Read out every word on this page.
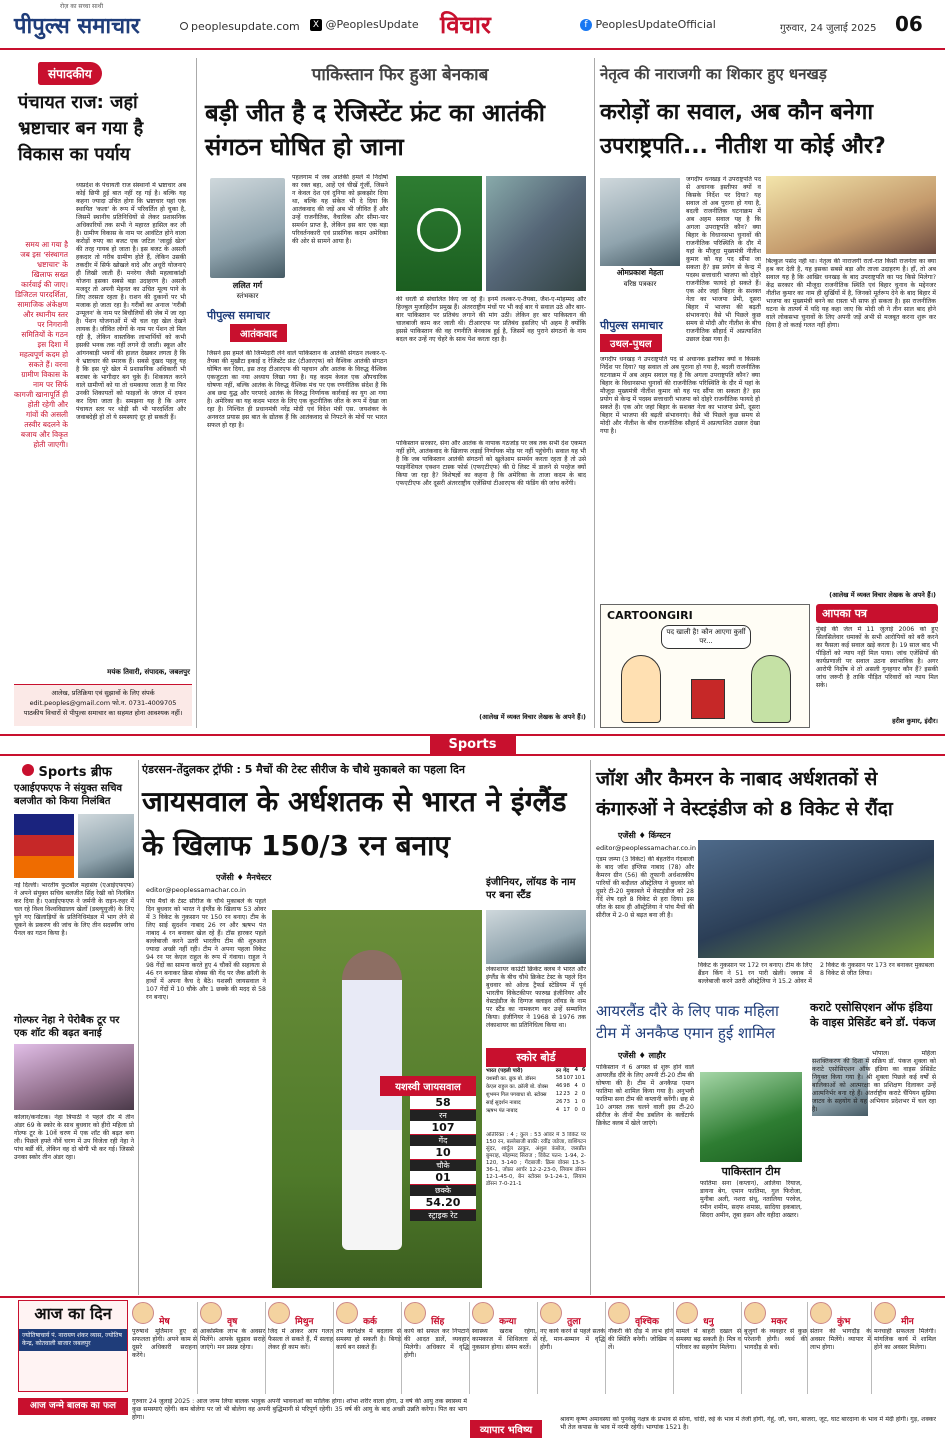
पीपुल्स समाचार
रोज़ का सच्चा साथी
peoplesupdate.com	X @PeoplesUpdate विचार	f PeoplesUpdateOfficial	गुरुवार, 24 जुलाई 2025 06
संपादकीय
पंचायत राज: जहां भ्रष्टाचार बन गया है विकास का पर्याय
समय आ गया है जब इस 'संस्थागत भ्रष्टाचार' के खिलाफ सख्त कार्रवाई की जाए। डिजिटल पारदर्शिता, सामाजिक अंकेक्षण और स्थानीय स्तर पर निगरानी समितियों के गठन इस दिशा में महत्वपूर्ण कदम हो सकते हैं। वरना ग्रामीण विकास के नाम पर सिर्फ कागजी खानापूर्ति ही होती रहेगी और गांवों की असली तस्वीर बदलने के बजाय और विकृत होती जाएगी।
ध्यप्रदेश के पंचायती राज संस्थानों में भ्रष्टाचार अब कोई छिपी हुई बात नहीं रह गई है। बल्कि यह कहना ज्यादा उचित होगा कि भ्रष्टाचार यहां एक स्थायित 'कला' के रूप में परिवर्तित हो चुका है, जिसमें स्थानीय प्रतिनिधियों से लेकर प्रशासनिक अधिकारियों तक सभी ने महारत हासिल कर ली है। ग्रामीण विकास के नाम पर आवंटित होने वाला करोड़ों रुपए का बजट एक जटिल 'जादुई खेल' की तरह गायब हो जाता है। इस बजट के असली हकदार तो गरीब ग्रामीण होते हैं, लेकिन उसकी तकदीर में सिर्फ खोखले वादे और अधूरी योजनाएं ही लिखी जाती हैं। मनरेगा जैसी महत्वाकांक्षी योजना इसका सबसे बड़ा उदाहरण है। असली मजदूर तो अपनी मेहनत का उचित मूल्य पाने के लिए तरसता रहता है। राशन की दुकानों पर भी मजाक हो जाता रहा है। गरीबों का अनाज 'गरीबी उन्मूलन' के नाम पर बिचौलियों की जेब में जा रहा है। पेंशन योजनाओं में भी चल रहा खेल देखने लायक है। जीवित लोगों के नाम पर पेंशन तो मिल रही है, लेकिन वास्तविक लाभार्थियों को कभी इसकी भनक तक नहीं लगने दी जाती। स्कूल और आंगनबाड़ी भवनों की हालत देखकर लगता है कि ये भ्रष्टाचार की स्मारक हैं। सबसे दुखद पहलू यह है कि इस पूरे खेल में प्रशासनिक अधिकारी भी बराबर के भागीदार बन चुके हैं। शिकायत करने वाले ग्रामीणों को या तो धमकाया जाता है या फिर उनकी शिकायतों को फाइलों के जंगल में दफन कर दिया जाता है। समझना यह है कि अगर पंचायत स्तर पर थोड़ी सी भी पारदर्शिता और जवाबदेही हो तो ये समस्याएं दूर हो सकती हैं।
मयंक तिवारी, संपादक, जबलपुर
आलेख, प्रतिक्रिया एवं सुझावों के लिए संपर्क
edit.peoples@gmail.com फो.न. 0731-4009705
पाठकीय विचारों से पीपुल्स समाचार का सहमत होना आवश्यक नहीं।
पाकिस्तान फिर हुआ बेनकाब
बड़ी जीत है द रेजिस्टेंट फ्रंट का आतंकी संगठन घोषित हो जाना
ललित गर्ग
स्तंभकार
पीपुल्स समाचार
आतंकवाद
पहलगाम में जब आतंकी हमले में निर्दोषों का रक्त बहा, आहें एवं चीखें गूंजीं, जिसने न केवल देश एवं दुनिया को झकझोर दिया था, बल्कि यह संकेत भी दे दिया कि आतंकवाद की जड़ें अब भी जीवित हैं और उन्हें राजनीतिक, वैचारिक और सीमा-पार समर्थन प्राप्त है, लेकिन इस बार एक बड़ा परिवर्तनकारी एवं प्रासंगिक कदम अमेरिका की ओर से सामने आया है।
जिसने इस हमले की जिम्मेदारी लेने वाले पाकिस्तान के आतंकी संगठन लश्कर-ए-तैयबा की मुखौटा इकाई द रेजिस्टेंट फ्रंट (टीआरएफ) को वैश्विक आतंकी संगठन घोषित कर दिया, इस तरह टीआरएफ की पहचान और आतंक के विरुद्ध वैश्विक एकजुटता का नया अध्याय लिखा गया है। यह कदम केवल एक औपचारिक घोषणा नहीं, बल्कि आतंक के विरुद्ध वैश्विक मंच पर एक रणनीतिक संदेश है कि अब छद्म युद्ध और परपरदे आतंक के विरुद्ध निर्णायक कार्रवाई का युग आ गया है। अमेरिका का यह कदम भारत के लिए एक कूटनीतिक जीत के रूप में देखा जा रहा है। निश्चित ही प्रधानमंत्री नरेंद्र मोदी एवं विदेश मंत्री एस. जयशंकर के अनवरत प्रयास इस बात के द्योतक हैं कि आतंकवाद से निपटने के मोर्चे पर भारत सफल हो रहा है।
की धरती से संचालित किए जा रहे हैं। इनमें लश्कर-ए-तैयबा, जैश-ए-मोहम्मद और हिज्बुल मुजाहिदीन प्रमुख हैं। अंतरराष्ट्रीय मंचों पर भी कई बार ये सवाल उठे और बार-बार पाकिस्तान पर प्रतिबंध लगाने की मांग उठी। लेकिन हर बार पाकिस्तान की चालबाजी काम कर जाती थी। टीआरएफ पर प्रतिबंध इसलिए भी अहम है क्योंकि इससे पाकिस्तान की वह रणनीति बेनकाब हुई है, जिसमें वह पुराने संगठनों के नाम बदल कर उन्हें नए चेहरे के साथ पेश करता रहा है।
पाकिस्तान सरकार, सेना और आतंक के नापाक गठजोड़ पर जब तक सभी देश एकमत नहीं होंगे, आतंकवाद के खिलाफ लड़ाई निर्णायक मोड़ पर नहीं पहुंचेगी। सवाल यह भी है कि जब पाकिस्तान आतंकी संगठनों को खुलेआम समर्थन करता रहता है तो उसे फाइनेंशियल एक्शन टास्क फोर्स (एफएटीएफ) की ग्रे लिस्ट में डालने से परहेज क्यों किया जा रहा है? विशेषज्ञों का कहना है कि अमेरिका के ताजा कदम के बाद एफएटीएफ और दूसरी अंतरराष्ट्रीय एजेंसियां टीआरएफ की फंडिंग की जांच करेंगी।
(आलेख में व्यक्त विचार लेखक के अपने हैं।)
नेतृत्व की नाराजगी का शिकार हुए धनखड़
करोड़ों का सवाल, अब कौन बनेगा उपराष्ट्रपति... नीतीश या कोई और?
ओमप्रकाश मेहता
वरिष्ठ पत्रकार
पीपुल्स समाचार
उथल-पुथल
जगदीप धनखड़ ने उपराष्ट्रपति पद से अचानक इस्तीफा क्यों व किसके निर्देश पर दिया? यह सवाल तो अब पुराना हो गया है, बदली राजनीतिक घटनाक्रम में अब अहम सवाल यह है कि अगला उपराष्ट्रपति कौन? क्या बिहार के विधानसभा चुनावों की राजनीतिक परिस्थिति के दौर में यहां के मौजूदा मुख्यमंत्री नीतीश कुमार को यह पद सौंपा जा सकता है? इस प्रयोग से केन्द्र में पदस्थ सत्ताधारी भाजपा को दोहरे राजनीतिक फायदे हो सकते हैं। एक ओर जहां बिहार के सशक्त नेता का भाजपा प्रेमी, दूसरा बिहार में भाजपा की बढ़ती संभावनाएं। वैसे भी पिछले कुछ समय से मोदी और नीतीश के बीच राजनीतिक सौहार्द में अप्रत्याशित उछाल देखा गया है।
बिल्कुल पसंद नहीं था। नेतृत्व की नाराजगी रातों-रात किसी राजनेता का क्या हश्र कर देती है, यह इसका सबसे बड़ा और ताजा उदाहरण है। हाँ, तो अब सवाल यह है कि आखिर धनखड़ के बाद उपराष्ट्रपति का पद किसे मिलेगा? केंद्र सरकार की मौजूदा राजनीतिक स्थिति एवं बिहार चुनाव के मद्देनजर नीतीश कुमार का नाम ही सुर्खियों में है, जिनको मूर्तरूप देने के बाद बिहार में भाजपा का मुख्यमंत्री बनने का रास्ता भी साफ हो सकता है। इस राजनीतिक घटना के तात्पर्य में यदि यह कहा जाए कि मोदी जी ने तीन साल बाद होने वाले लोकसभा चुनावों के लिए अपनी जड़ें अभी से मजबूत करना शुरू कर दिया है तो कतई गलत नहीं होगा।
जगदीप धनखड़ ने उपराष्ट्रपति पद से अचानक इस्तीफा क्यों व किसके निर्देश पर दिया? यह सवाल तो अब पुराना हो गया है, बदली राजनीतिक घटनाक्रम में अब अहम सवाल यह है कि अगला उपराष्ट्रपति कौन? क्या बिहार के विधानसभा चुनावों की राजनीतिक परिस्थिति के दौर में यहां के मौजूदा मुख्यमंत्री नीतीश कुमार को यह पद सौंपा जा सकता है? इस प्रयोग से केन्द्र में पदस्थ सत्ताधारी भाजपा को दोहरे राजनीतिक फायदे हो सकते हैं। एक ओर जहां बिहार के सशक्त नेता का भाजपा प्रेमी, दूसरा बिहार में भाजपा की बढ़ती संभावनाएं। वैसे भी पिछले कुछ समय से मोदी और नीतीश के बीच राजनीतिक सौहार्द में अप्रत्याशित उछाल देखा गया है।
(आलेख में व्यक्त विचार लेखक के अपने हैं।)
CARTOONGIRI
पद खाली है! कौन आएगा कुर्सी पर...
आपका पत्र
मुंबई की जेल में 11 जुलाई 2006 को हुए सिलसिलेवार धमाकों के सभी आरोपियों को बरी करने का फैसला कई सवाल खड़े करता है। 19 साल बाद भी पीड़ितों को न्याय नहीं मिल पाया। जांच एजेंसियों की कार्यप्रणाली पर सवाल उठना स्वाभाविक है। अगर आरोपी निर्दोष थे तो असली गुनहगार कौन हैं? इसकी जांच जरूरी है ताकि पीड़ित परिवारों को न्याय मिल सके।
हरीश कुमार, इंदौर।
Sports
Sports ब्रीफ
एआईएफएफ ने संयुक्त सचिव बलजीत को किया निलंबित
नई दिल्ली। भारतीय फुटबॉल महासंघ (एआईएफएफ) ने अपने संयुक्त सचिव बलजीत सिंह रेखी को निलंबित कर दिया है। एआईएफएफ ने जर्मनी के राइन-रुहर में चल रहे विश्व विश्वविद्यालय खेलों (डब्ल्यूयूजी) के लिए चुने गए खिलाड़ियों के प्रतिनिधिमंडल में भाग लेने से चूकने के प्रकरण की जांच के लिए तीन सदस्यीय जांच पैनल का गठन किया है।
गोल्फर नेहा ने पेरोबैक टूर पर एक शॉट की बढ़त बनाई
कोलार/कर्नाटक। नेहा त्रिपाठी ने पहले दौर में तीन अंडर 69 के स्कोर के साथ बुधवार को हीरो महिला प्रो गोल्फ टूर के 10वें चरण में एक शॉट की बढ़त बना ली। पिछले हफ्ते नौवें चरण में उप विजेता रही नेहा ने पांच बर्डी कीं, लेकिन वह दो बोगी भी कर गई। जिससे उनका स्कोर तीन अंडर रहा।
एंडरसन-तेंदुलकर ट्रॉफी : 5 मैचों की टेस्ट सीरीज के चौथे मुकाबले का पहला दिन
जायसवाल के अर्धशतक से भारत ने इंग्लैंड के खिलाफ 150/3 रन बनाए
एजेंसी ♦ मैनचेस्टर
editor@peoplessamachar.co.in
पांच मैचों के टेस्ट सीरीज के चौथे मुकाबले के पहले दिन बुधवार को भारत ने इंग्लैंड के खिलाफ 53 ओवर में 3 विकेट के नुकसान पर 150 रन बनाए। टीम के लिए साई सुदर्शन नाबाद 26 रन और ऋषभ पंत नाबाद 4 रन बनाकर खेल रहे हैं। टॉस हारकर पहले बल्लेबाजी करने उतरी भारतीय टीम की शुरुआत ज्यादा अच्छी नहीं रही। टीम ने अपना पहला विकेट 94 रन पर केएल राहुल के रूप में गंवाया। राहुल ने 98 गेंदों का सामना करते हुए 4 चौकों की सहायता से 46 रन बनाकर क्रिस वोक्स की गेंद पर जैक क्रॉली के हाथों में अपना कैच दे बैठे। यशस्वी जायसवाल ने 107 गेंदों में 10 चौके और 1 छक्के की मदद से 58 रन बनाए।
यशस्वी जायसवाल
58
रन
107
गेंद
10
चौके
01
छक्के
54.20
स्ट्राइक रेट
इंजीनियर, लॉयड के नाम पर बना स्टैंड
लंकाशायर काउंटी क्रिकेट क्लब ने भारत और इंग्लैंड के बीच चौथे क्रिकेट टेस्ट के पहले दिन बुधवार को ओल्ड ट्रैफर्ड स्टेडियम में पूर्व भारतीय विकेटकीपर फारुख इंजीनियर और वेस्टइंडीज के दिग्गज क्लाइव लॉयड के नाम पर स्टैंड का नामकरण कर उन्हें सम्मानित किया। इंजीनियर ने 1968 से 1976 तक लंकाशायर का प्रतिनिधित्व किया था।
स्कोर बोर्ड
भारत (पहली पारी)	रन	गेंद	4	6
यशस्वी का. ब्रुक बो. डॉसन	58	107	10	1
केएल राहुल का. क्रॉली बो. वोक्स	46	98	4	0
शुभमन गिल पगबाधा बो. स्टोक्स	12	23	2	0
साई सुदर्शन नाबाद	26	73	1	0
ऋषभ पंत नाबाद	4	17	0	0
अतिरिक्त : 4 ; कुल : 53 ओवर में 3 विकेट पर 150 रन, बल्लेबाजी बाकी: रवींद्र जडेजा, वाशिंगटन सुंदर, शार्दुल ठाकुर, अंशुल कंबोज, जसप्रीत बुमराह, मोहम्मद सिराज ; विकेट पतन: 1-94, 2-120, 3-140 ; गेंदबाजी: क्रिस वोक्स 13-3-36-1, जोफ्रा आर्चर 12-2-23-0, लियाम डॉसन 12-1-45-0, बेन स्टोक्स 9-1-24-1, लियाम डॉसन 7-0-21-1
जॉश और कैमरन के नाबाद अर्धशतकों से कंगारुओं ने वेस्टइंडीज को 8 विकेट से रौंदा
एजेंसी ♦ किंग्स्टन
editor@peoplessamachar.co.in
एडम जम्पा (3 विकेट) की बेहतरीन गेंदबाजी के बाद जॉश इंग्लिस नाबाद (78) और कैमरन ग्रीन (56) की तूफानी अर्धशतकीय पारियों की बदौलत ऑस्ट्रेलिया ने बुधवार को दूसरे टी-20 मुकाबले में वेस्टइंडीज को 28 गेंदें शेष रहते 8 विकेट से हरा दिया। इस जीत के साथ ही ऑस्ट्रेलिया ने पांच मैचों की सीरीज में 2-0 से बढ़त बना ली है।
विकेट के नुकसान पर 172 रन बनाए। टीम के लिए ब्रैंडन किंग ने 51 रन पारी खेली। जवाब में बल्लेबाजी करने उतरी ऑस्ट्रेलिया ने 15.2 ओवर में 2 विकेट के नुकसान पर 173 रन बनाकर मुकाबला 8 विकेट से जीत लिया।
आयरलैंड दौरे के लिए पाक महिला टीम में अनकैप्ड एमान हुई शामिल
एजेंसी ♦ लाहौर
पाकिस्तान ने 6 अगस्त से शुरू होने वाले आयरलैंड दौरे के लिए अपनी टी-20 टीम की घोषणा की है। टीम में अनकैप्ड एमान फातिमा को शामिल किया गया है। अनुभवी फातिमा सना टीम की कप्तानी करेंगी। छह से 10 अगस्त तक चलने वाली इस टी-20 सीरीज के तीनों मैच डबलिन के क्लोंटार्फ क्रिकेट क्लब में खेले जाएंगे।
पाकिस्तान टीम
फातिमा सना (कप्तान), आलिया रियाज, डायना बेग, एमान फातिमा, गुल फिरोजा, मुनीबा अली, नशरा संधू, नतालिया परवेज, रमीन शमीम, सदफ शमास, सादिया इकबाल, सिदरा अमीन, तूबा हसन और वहीदा अख्तर।
कराटे एसोसिएशन ऑफ इंडिया के वाइस प्रेसिडेंट बने डॉ. पंकज
भोपाल। महिला सशक्तिकरण की दिशा में सक्रिय डॉ. पंकज शुक्ला को कराटे एसोसिएशन ऑफ इंडिया का वाइस प्रेसिडेंट नियुक्त किया गया है। श्री शुक्ला पिछले कई वर्षों से बालिकाओं को आत्मरक्षा का प्रशिक्षण दिलाकर उन्हें आत्मनिर्भर बना रहे हैं। अंतर्राष्ट्रीय कराटे चैंपियन सुप्रिया जाटव के सहयोग से यह अभियान प्रदेशभर में चल रहा है।
आज का दिन
ज्योतिषाचार्य पं. नारायण शंकर व्यास, ज्योतिष केन्द्र, कोतवाली बाजार जबलपुर
मेष
पुरुषार्थ मूर्तिमान हुए से सफलता होगी। अपने काम से दूसरे अधिकारी सराहना करेंगे।
वृष
आकस्मिक लाभ के अवसर मिलेंगे। आपके सुझाव सराहे जाएंगे। मन प्रसन्न रहेगा।
मिथुन
जिद में आकर आप गलत फैसला ले सकते हैं, मैं सलाह लेकर ही काम करें।
कर्क
तप कार्यक्षेत्र में बदलाव से समस्या हो सकती है। बिगड़े कार्य बन सकते हैं।
सिंह
कार्य को सफल कर निपटाने की आदत डालें, व्यवहार मिलेगी। अधिकार में वृद्धि होगी।
कन्या
स्वास्थ्य खराब रहेगा, कामकाज में शिथिलता से नुकसान होगा। संयम बरतें।
तुला
नए कार्य करने से पहले सतर्क रहें, मान-सम्मान में वृद्धि होगी।
वृश्चिक
नौकरी की दौड़ में लाभ होने की स्थिति बनेगी। जोखिम न लें।
धनु
मामले में बाहरी दखल से समस्या बढ़ सकती है। मित्र व परिवार का सहयोग मिलेगा।
मकर
बुजुर्गों के व्यवहार से कुछ परेशानी होगी। व्यर्थ की भागदौड़ से बचें।
कुंभ
संतान की भागदौड़ के अवसर मिलेंगे। व्यापार में लाभ होगा।
मीन
मनचाही सफलता मिलेगी। मांगलिक कार्य में शामिल होने का अवसर मिलेगा।
आज जन्मे बालक का फल	गुरुवार 24 जुलाई 2025 : आज जन्म लिया बालक भावुक अपनी भावनाओं का मालिक होगा। शोभा शरीर वाला होगा, उ वर्ष की आयु तक स्वास्थ्य में कुछ समस्याएं रहेंगी। कम बोलेगा पर जो भी बोलेगा वह अपनी बुद्धिमानी से परिपूर्ण रहेगी। 35 वर्ष की आयु के बाद अच्छी उन्नति करेगा। पित का भाग होगा।
व्यापार भविष्य
श्रावण कृष्ण अमावस्या को पुनर्वसु नक्षत्र के प्रभाव से सोना, चांदी, रुई के भाव में तेजी होगी, गेहूं, जौ, चना, बाजरा, जूट, घाट बारदाना के भाव में मंदी होगी। गुड़, शक्कर भी तेल कपास के भाव में नरमी रहेगी। भाग्यांक 1521 है।
